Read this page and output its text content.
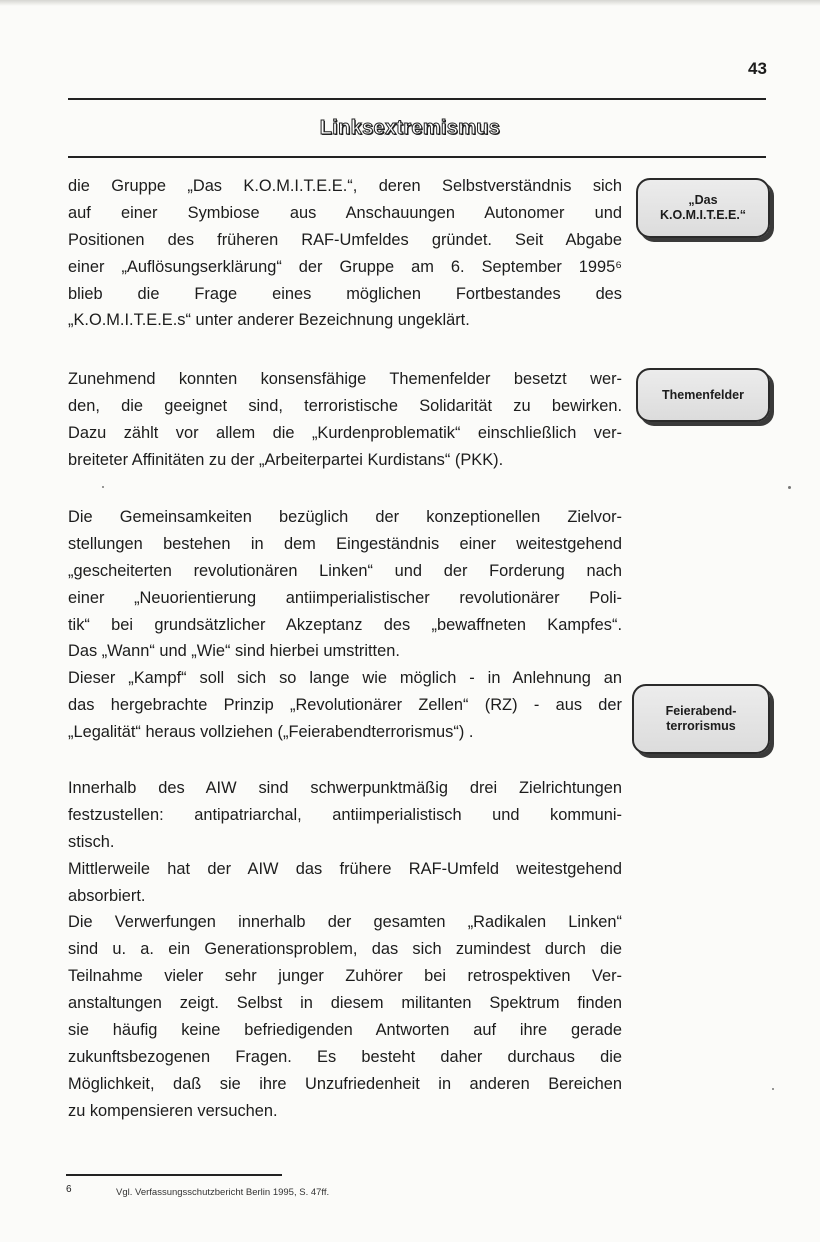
43
Linksextremismus
die Gruppe „Das K.O.M.I.T.E.E.“, deren Selbstverständnis sich
auf einer Symbiose aus Anschauungen Autonomer und
Positionen des früheren RAF-Umfeldes gründet. Seit Abgabe
einer „Auflösungserklärung“ der Gruppe am 6. September 1995⁶
blieb die Frage eines möglichen Fortbestandes des
„K.O.M.I.T.E.E.s“ unter anderer Bezeichnung ungeklärt.
Zunehmend konnten konsensfähige Themenfelder besetzt wer-
den, die geeignet sind, terroristische Solidarität zu bewirken.
Dazu zählt vor allem die „Kurdenproblematik“ einschließlich ver-
breiteter Affinitäten zu der „Arbeiterpartei Kurdistans“ (PKK).
Die Gemeinsamkeiten bezüglich der konzeptionellen Zielvor-
stellungen bestehen in dem Eingeständnis einer weitestgehend
„gescheiterten revolutionären Linken“ und der Forderung nach
einer „Neuorientierung antiimperialistischer revolutionärer Poli-
tik“ bei grundsätzlicher Akzeptanz des „bewaffneten Kampfes“.
Das „Wann“ und „Wie“ sind hierbei umstritten.
Dieser „Kampf“ soll sich so lange wie möglich - in Anlehnung an
das hergebrachte Prinzip „Revolutionärer Zellen“ (RZ) - aus der
„Legalität“ heraus vollziehen („Feierabendterrorismus“) .
Innerhalb des AIW sind schwerpunktmäßig drei Zielrichtungen
festzustellen: antipatriarchal, antiimperialistisch und kommuni-
stisch.
Mittlerweile hat der AIW das frühere RAF-Umfeld weitestgehend
absorbiert.
Die Verwerfungen innerhalb der gesamten „Radikalen Linken“
sind u. a. ein Generationsproblem, das sich zumindest durch die
Teilnahme vieler sehr junger Zuhörer bei retrospektiven Ver-
anstaltungen zeigt. Selbst in diesem militanten Spektrum finden
sie häufig keine befriedigenden Antworten auf ihre gerade
zukunftsbezogenen Fragen. Es besteht daher durchaus die
Möglichkeit, daß sie ihre Unzufriedenheit in anderen Bereichen
zu kompensieren versuchen.
„Das
K.O.M.I.T.E.E.“
Themenfelder
Feierabend-
terrorismus
6	Vgl. Verfassungsschutzbericht Berlin 1995, S. 47ff.
